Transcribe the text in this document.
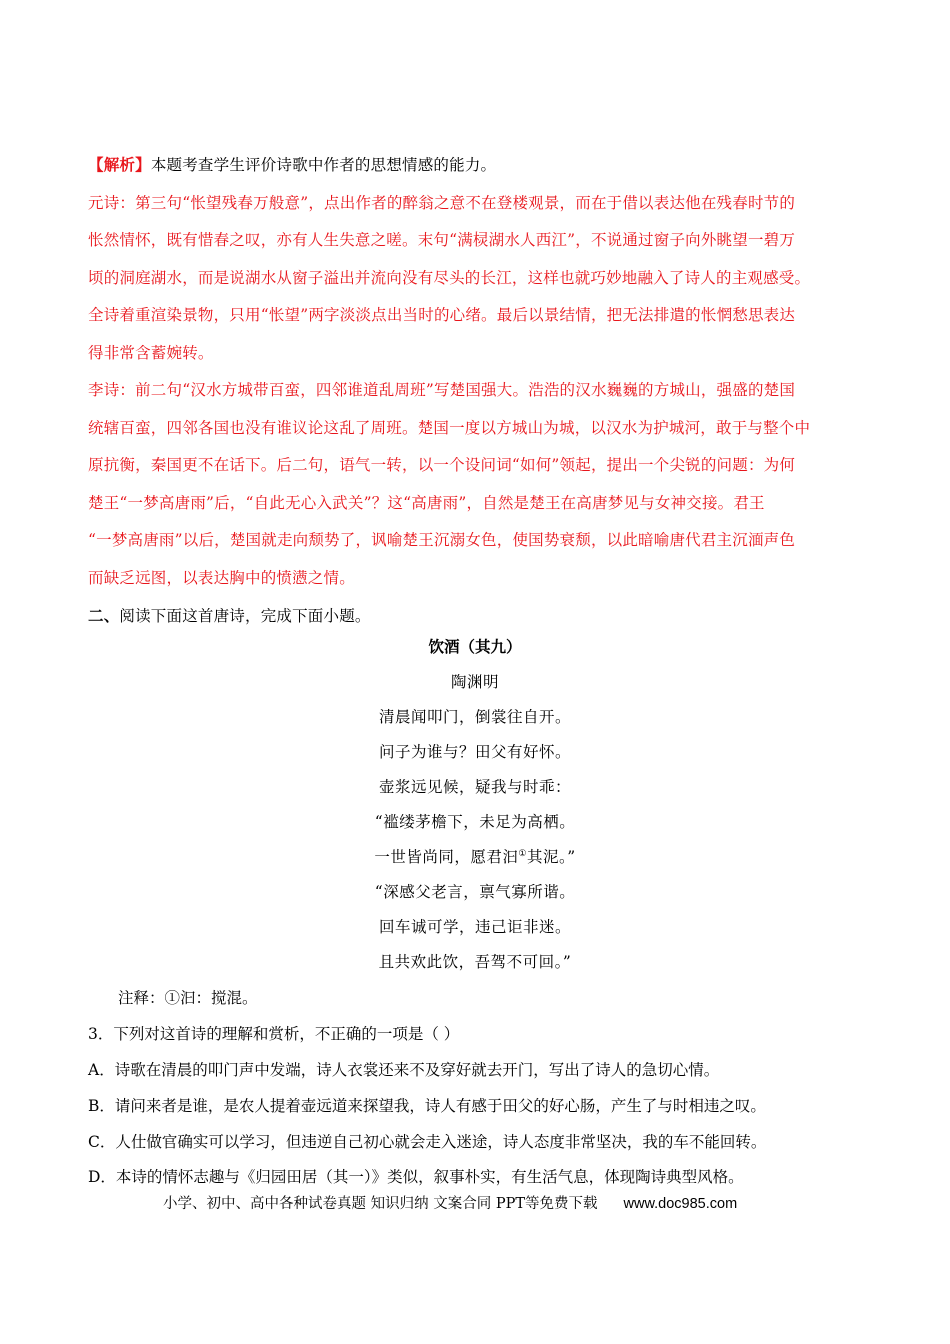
【解析】本题考查学生评价诗歌中作者的思想情感的能力。
元诗：第三句“怅望残春万般意”，点出作者的醉翁之意不在登楼观景，而在于借以表达他在残春时节的
怅然情怀，既有惜春之叹，亦有人生失意之嗟。末句“满棂湖水人西江”，不说通过窗子向外眺望一碧万
顷的洞庭湖水，而是说湖水从窗子溢出并流向没有尽头的长江，这样也就巧妙地融入了诗人的主观感受。
全诗着重渲染景物，只用“怅望”两字淡淡点出当时的心绪。最后以景结情，把无法排遣的怅惘愁思表达
得非常含蓄婉转。
李诗：前二句“汉水方城带百蛮，四邻谁道乱周班”写楚国强大。浩浩的汉水巍巍的方城山，强盛的楚国
统辖百蛮，四邻各国也没有谁议论这乱了周班。楚国一度以方城山为城，以汉水为护城河，敢于与整个中
原抗衡，秦国更不在话下。后二句，语气一转，以一个设问词“如何”领起，提出一个尖锐的问题：为何
楚王“一梦高唐雨”后，“自此无心入武关”？这“高唐雨”，自然是楚王在高唐梦见与女神交接。君王
“一梦高唐雨”以后，楚国就走向颓势了，讽喻楚王沉溺女色，使国势衰颓，以此暗喻唐代君主沉湎声色
而缺乏远图，以表达胸中的愤懑之情。
二、阅读下面这首唐诗，完成下面小题。
饮酒（其九）
陶渊明
清晨闻叩门，倒裳往自开。
问子为谁与？田父有好怀。
壶浆远见候，疑我与时乖：
“褴缕茅檐下，未足为高栖。
一世皆尚同，愿君汩①其泥。”
“深感父老言，禀气寡所谐。
回车诚可学，违己讵非迷。
且共欢此饮，吾驾不可回。”
注释：①汩：搅混。
3．下列对这首诗的理解和赏析，不正确的一项是（ ）
A．诗歌在清晨的叩门声中发端，诗人衣裳还来不及穿好就去开门，写出了诗人的急切心情。
B．请问来者是谁，是农人提着壶远道来探望我，诗人有感于田父的好心肠，产生了与时相违之叹。
C．人仕做官确实可以学习，但违逆自己初心就会走入迷途，诗人态度非常坚决，我的车不能回转。
D．本诗的情怀志趣与《归园田居（其一）》类似，叙事朴实，有生活气息，体现陶诗典型风格。
小学、初中、高中各种试卷真题 知识归纳 文案合同 PPT等免费下载 www.doc985.com
